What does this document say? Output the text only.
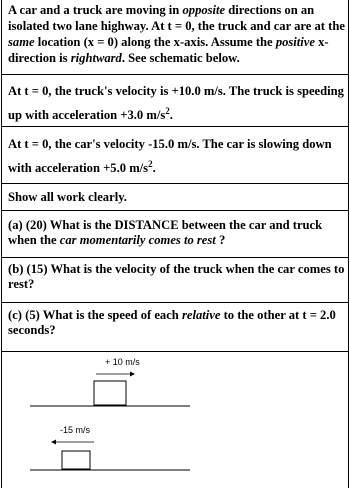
A car and a truck are moving in opposite directions on an isolated two lane highway. At t = 0, the truck and car are at the same location (x = 0) along the x-axis. Assume the positive x-direction is rightward. See schematic below.
At t = 0, the truck's velocity is +10.0 m/s. The truck is speeding up with acceleration +3.0 $m/s^2$.
At t = 0, the car's velocity -15.0 m/s. The car is slowing down with acceleration +5.0 $m/s^2$.
Show all work clearly.
(a) (20) What is the DISTANCE between the car and truck when the car momentarily comes to rest ?
(b) (15) What is the velocity of the truck when the car comes to rest?
(c) (5) What is the speed of each relative to the other at t = 2.0 seconds?
+ 10 m/s
-15 m/s
